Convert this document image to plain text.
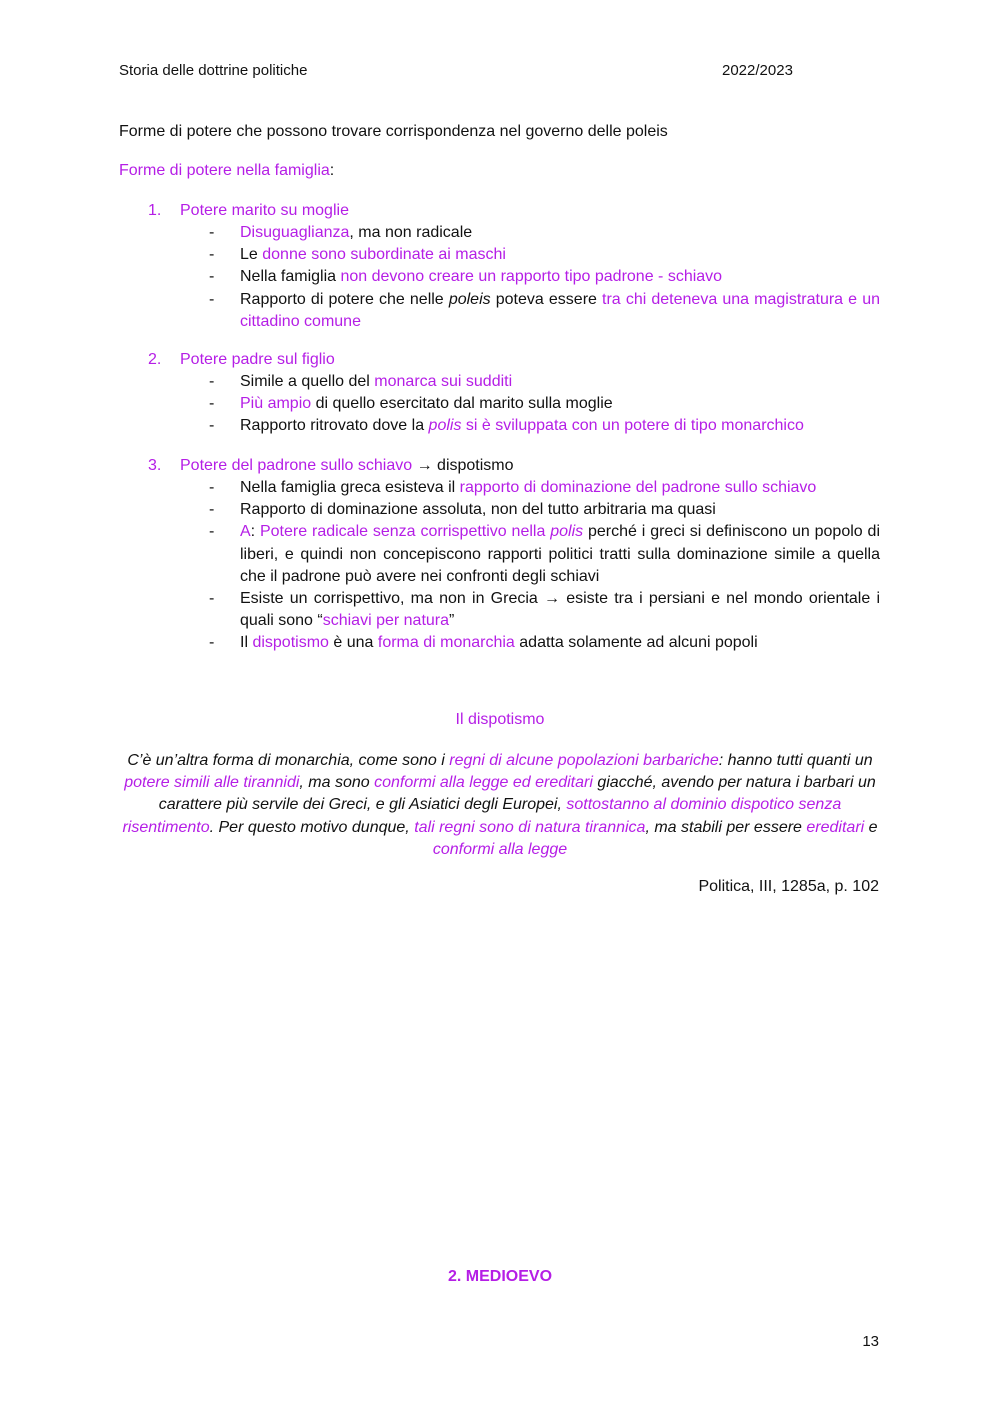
Storia delle dottrine politiche	2022/2023
Forme di potere che possono trovare corrispondenza nel governo delle poleis
Forme di potere nella famiglia:
1. Potere marito su moglie
- Disuguaglianza, ma non radicale
- Le donne sono subordinate ai maschi
- Nella famiglia non devono creare un rapporto tipo padrone - schiavo
- Rapporto di potere che nelle poleis poteva essere tra chi deteneva una magistratura e un cittadino comune
2. Potere padre sul figlio
- Simile a quello del monarca sui sudditi
- Più ampio di quello esercitato dal marito sulla moglie
- Rapporto ritrovato dove la polis si è sviluppata con un potere di tipo monarchico
3. Potere del padrone sullo schiavo → dispotismo
- Nella famiglia greca esisteva il rapporto di dominazione del padrone sullo schiavo
- Rapporto di dominazione assoluta, non del tutto arbitraria ma quasi
- A: Potere radicale senza corrispettivo nella polis perché i greci si definiscono un popolo di liberi, e quindi non concepiscono rapporti politici tratti sulla dominazione simile a quella che il padrone può avere nei confronti degli schiavi
- Esiste un corrispettivo, ma non in Grecia → esiste tra i persiani e nel mondo orientale i quali sono “schiavi per natura”
- Il dispotismo è una forma di monarchia adatta solamente ad alcuni popoli
Il dispotismo
C’è un’altra forma di monarchia, come sono i regni di alcune popolazioni barbariche: hanno tutti quanti un potere simili alle tirannidi, ma sono conformi alla legge ed ereditari giacché, avendo per natura i barbari un carattere più servile dei Greci, e gli Asiatici degli Europei, sottostanno al dominio dispotico senza risentimento. Per questo motivo dunque, tali regni sono di natura tirannica, ma stabili per essere ereditari e conformi alla legge
Politica, III, 1285a, p. 102
2. MEDIOEVO
13
